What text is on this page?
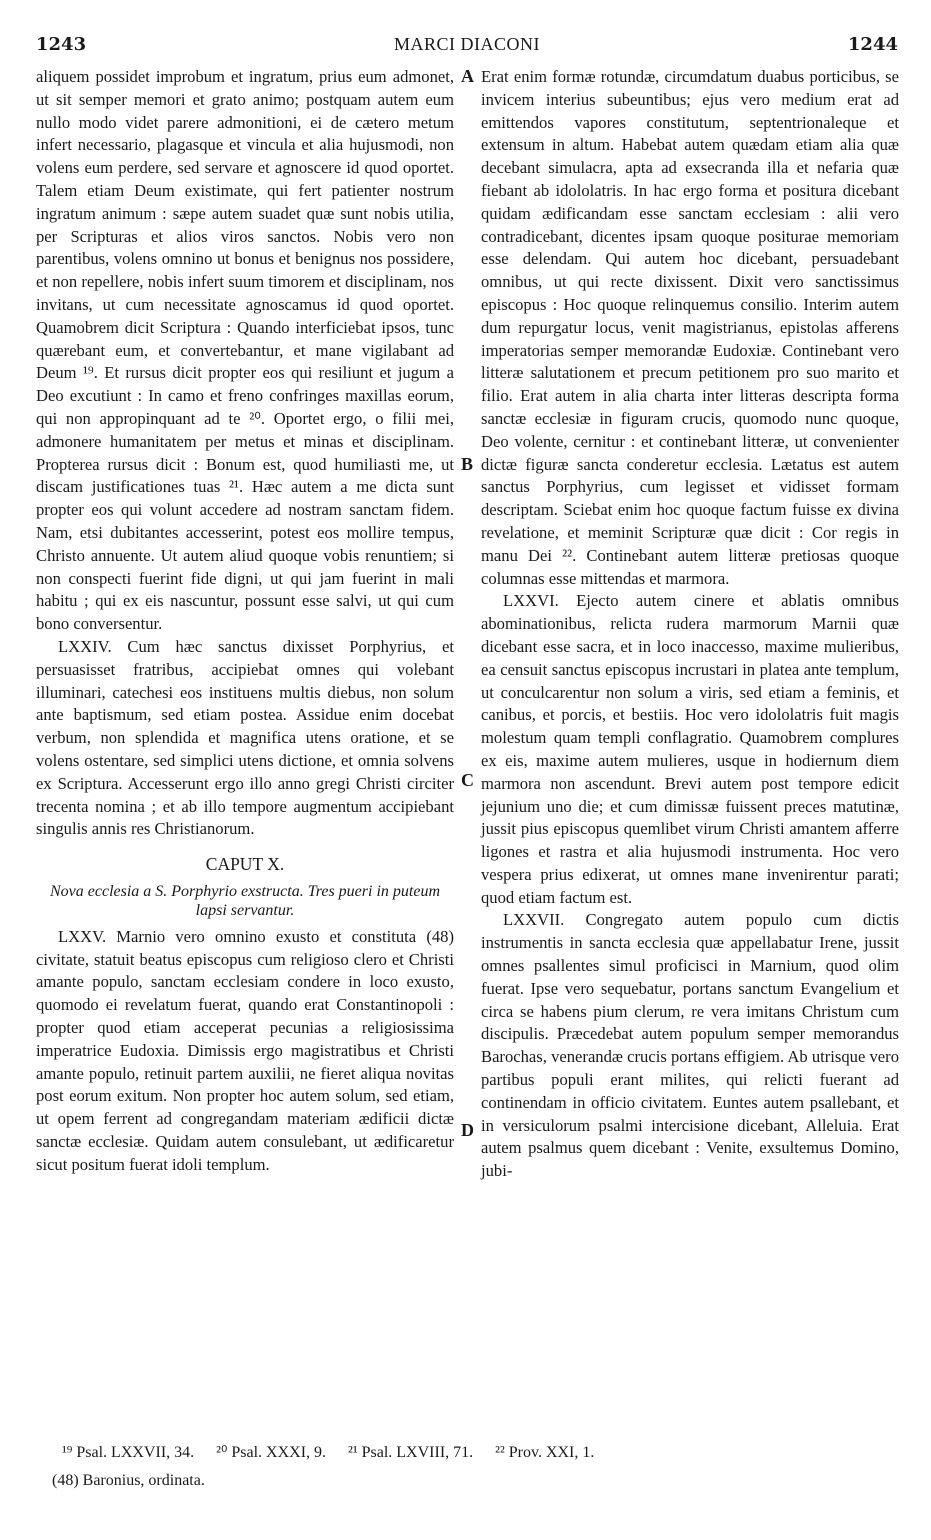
1243	MARCI DIACONI	1244

aliquem possidet improbum et ingratum, prius eum admonet, ut sit semper memori et grato animo; postquam autem eum nullo modo videt parere admonitioni, ei de cætero metum infert necessario, plagasque et vincula et alia hujusmodi, non volens eum perdere, sed servare et agnoscere id quod oportet. Talem etiam Deum existimate, qui fert patienter nostrum ingratum animum : sæpe autem suadet quæ sunt nobis utilia, per Scripturas et alios viros sanctos. Nobis vero non parentibus, volens omnino ut bonus et benignus nos possidere, et non repellere, nobis infert suum timorem et disciplinam, nos invitans, ut cum necessitate agnoscamus id quod oportet. Quamobrem dicit Scriptura : Quando interficiebat ipsos, tunc quærebant eum, et convertebantur, et mane vigilabant ad Deum ¹⁹. Et rursus dicit propter eos qui resiliunt et jugum a Deo excutiunt : In camo et freno confringes maxillas eorum, qui non appropinquant ad te ²⁰. Oportet ergo, o filii mei, admonere humanitatem per metus et minas et disciplinam. Propterea rursus dicit : Bonum est, quod humiliasti me, ut discam justificationes tuas ²¹. Hæc autem a me dicta sunt propter eos qui volunt accedere ad nostram sanctam fidem. Nam, etsi dubitantes accesserint, potest eos mollire tempus, Christo annuente. Ut autem aliud quoque vobis renuntiem; si non conspecti fuerint fide digni, ut qui jam fuerint in mali habitu ; qui ex eis nascuntur, possunt esse salvi, ut qui cum bono conversentur.

LXXIV. Cum hæc sanctus dixisset Porphyrius, et persuasisset fratribus, accipiebat omnes qui volebant illuminari, catechesi eos instituens multis diebus, non solum ante baptismum, sed etiam postea. Assidue enim docebat verbum, non splendida et magnifica utens oratione, et se volens ostentare, sed simplici utens dictione, et omnia solvens ex Scriptura. Accesserunt ergo illo anno gregi Christi circiter trecenta nomina ; et ab illo tempore augmentum accipiebant singulis annis res Christianorum.

CAPUT X.

Nova ecclesia a S. Porphyrio exstructa. Tres pueri in puteum lapsi servantur.

LXXV. Marnio vero omnino exusto et constituta (48) civitate, statuit beatus episcopus cum religioso clero et Christi amante populo, sanctam ecclesiam condere in loco exusto, quomodo ei revelatum fuerat, quando erat Constantinopoli : propter quod etiam acceperat pecunias a religiosissima imperatrice Eudoxia. Dimissis ergo magistratibus et Christi amante populo, retinuit partem auxilii, ne fieret aliqua novitas post eorum exitum. Non propter hoc autem solum, sed etiam, ut opem ferrent ad congregandam materiam ædificii dictæ sanctæ ecclesiæ. Quidam autem consulebant, ut ædificaretur sicut positum fuerat idoli templum.

A
B
C
D

Erat enim formæ rotundæ, circumdatum duabus porticibus, se invicem interius subeuntibus; ejus vero medium erat ad emittendos vapores constitutum, septentrionaleque et extensum in altum. Habebat autem quædam etiam alia quæ decebant simulacra, apta ad exsecranda illa et nefaria quæ fiebant ab idololatris. In hac ergo forma et positura dicebant quidam ædificandam esse sanctam ecclesiam : alii vero contradicebant, dicentes ipsam quoque positurae memoriam esse delendam. Qui autem hoc dicebant, persuadebant omnibus, ut qui recte dixissent. Dixit vero sanctissimus episcopus : Hoc quoque relinquemus consilio. Interim autem dum repurgatur locus, venit magistrianus, epistolas afferens imperatorias semper memorandæ Eudoxiæ. Continebant vero litteræ salutationem et precum petitionem pro suo marito et filio. Erat autem in alia charta inter litteras descripta forma sanctæ ecclesiæ in figuram crucis, quomodo nunc quoque, Deo volente, cernitur : et continebant litteræ, ut convenienter dictæ figuræ sancta conderetur ecclesia. Lætatus est autem sanctus Porphyrius, cum legisset et vidisset formam descriptam. Sciebat enim hoc quoque factum fuisse ex divina revelatione, et meminit Scripturæ quæ dicit : Cor regis in manu Dei ²². Continebant autem litteræ pretiosas quoque columnas esse mittendas et marmora.

LXXVI. Ejecto autem cinere et ablatis omnibus abominationibus, relicta rudera marmorum Marnii quæ dicebant esse sacra, et in loco inaccesso, maxime mulieribus, ea censuit sanctus episcopus incrustari in platea ante templum, ut conculcarentur non solum a viris, sed etiam a feminis, et canibus, et porcis, et bestiis. Hoc vero idololatris fuit magis molestum quam templi conflagratio. Quamobrem complures ex eis, maxime autem mulieres, usque in hodiernum diem marmora non ascendunt. Brevi autem post tempore edicit jejunium uno die; et cum dimissæ fuissent preces matutinæ, jussit pius episcopus quemlibet virum Christi amantem afferre ligones et rastra et alia hujusmodi instrumenta. Hoc vero vespera prius edixerat, ut omnes mane invenirentur parati; quod etiam factum est.

LXXVII. Congregato autem populo cum dictis instrumentis in sancta ecclesia quæ appellabatur Irene, jussit omnes psallentes simul proficisci in Marnium, quod olim fuerat. Ipse vero sequebatur, portans sanctum Evangelium et circa se habens pium clerum, re vera imitans Christum cum discipulis. Præcedebat autem populum semper memorandus Barochas, venerandæ crucis portans effigiem. Ab utrisque vero partibus populi erant milites, qui relicti fuerant ad continendam in officio civitatem. Euntes autem psallebant, et in versiculorum psalmi intercisione dicebant, Alleluia. Erat autem psalmus quem dicebant : Venite, exsultemus Domino, jubi-

¹⁹ Psal. LXXVII, 34. ²⁰ Psal. XXXI, 9. ²¹ Psal. LXVIII, 71. ²² Prov. XXI, 1.
(48) Baronius, ordinata.
